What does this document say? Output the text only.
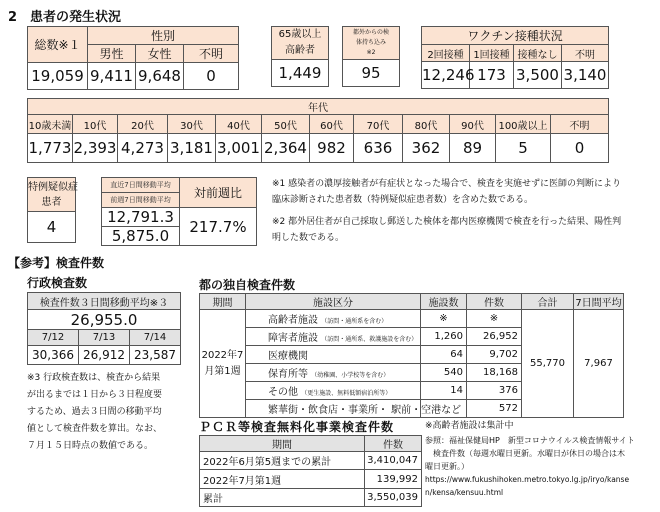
2　患者の発生状況
総数※１	性別		
	男性	女性	不明
19,059	9,411	9,648	0
65歳以上
高齢者

1,449
都外からの検
体持ち込み
※2

95
ワクチン接種状況			
2回接種	1回接種	接種なし	不明
12,246	173	3,500	3,140
年代											
10歳未満	10代	20代	30代	40代	50代	60代	70代	80代	90代	100歳以上	不明
1,773	2,393	4,273	3,181	3,001	2,364	982	636	362	89	5	0
特例疑似症
患者

4
直近7日間移動平均	対前週比
前週7日間移動平均	
12,791.3	217.7%
5,875.0	
※1 感染者の濃厚接触者が有症状となった場合で、検査を実施せずに医師の判断により
臨床診断された患者数（特例疑似症患者数）を含めた数である。
※2 都外居住者が自己採取し郵送した検体を都内医療機関で検査を行った結果、陽性判
明した数である。
【参考】検査件数
行政検査数
検査件数３日間移動平均※３		
26,955.0		
7/12	7/13	7/14
30,366	26,912	23,587
※3 行政検査数は、検査から結果
が出るまでは１日から３日程度要
するため、過去３日間の移動平均
値として検査件数を算出。なお、
７月１５日時点の数値である。
都の独自検査件数
期間	施設区分	施設数	件数	合計	7日間平均

2022年7
月第1週	高齢者施設 （訪問・通所系を含む）	※	※	55,770	7,967
	障害者施設 （訪問・通所系、救護施設を含む）	1,260	26,952		
	医療機関	64	9,702		
	保育所等 （幼稚園、小学校等を含む）	540	18,168		
	その他 （更生施設、無料低額宿泊所等）	14	376		
	繁華街・飲食店・事業所・ 駅前・空港など		572		
ＰＣＲ等検査無料化事業検査件数
期間	件数
2022年6月第5週までの累計	3,410,047
2022年7月第1週	139,992
累計	3,550,039
※高齢者施設は集計中
参照：福祉保健局HP　新型コロナウイルス検査情報サイト
　検査件数（毎週水曜日更新。水曜日が休日の場合は木
曜日更新。）
https://www.fukushihoken.metro.tokyo.lg.jp/iryo/kanse
n/kensa/kensuu.html
